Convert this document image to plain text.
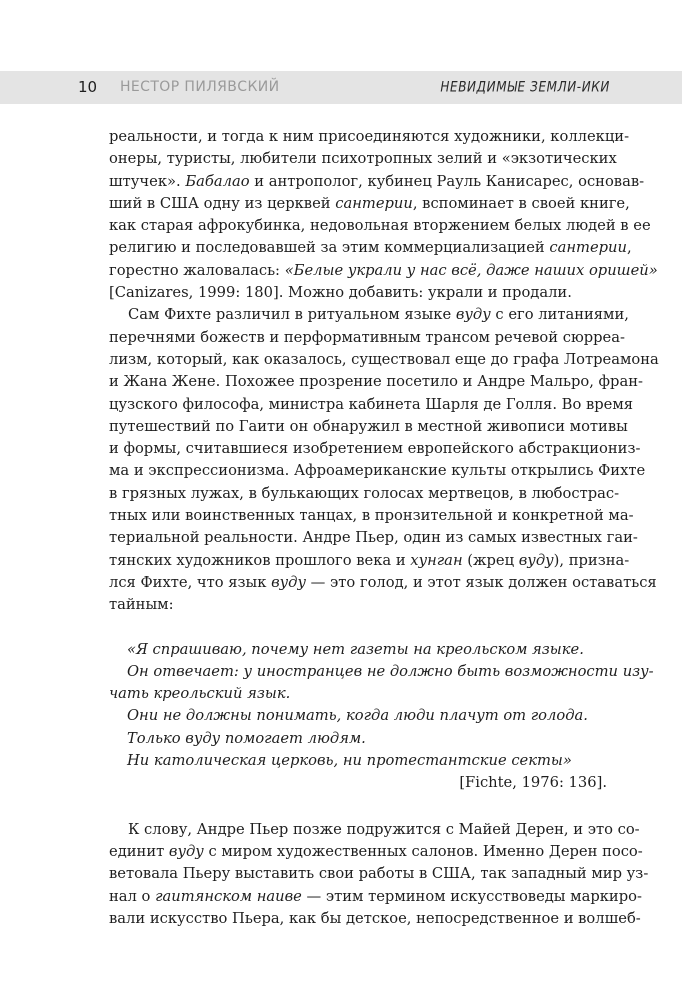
10 НЕСТОР ПИЛЯВСКИЙ	НЕВИДИМЫЕ ЗЕМЛИ-ИКИ
реальности, и тогда к ним присоединяются художники, коллекци-
онеры, туристы, любители психотропных зелий и «экзотических
штучек». Бабалао и антрополог, кубинец Рауль Канисарес, основав-
ший в США одну из церквей сантерии, вспоминает в своей книге,
как старая афрокубинка, недовольная вторжением белых людей в ее
религию и последовавшей за этим коммерциализацией сантерии,
горестно жаловалась: «Белые украли у нас всё, даже наших оришей»
[Canizares, 1999: 180]. Можно добавить: украли и продали.
Сам Фихте различил в ритуальном языке вуду с его литаниями,
перечнями божеств и перформативным трансом речевой сюрреа-
лизм, который, как оказалось, существовал еще до графа Лотреамона
и Жана Жене. Похожее прозрение посетило и Андре Мальро, фран-
цузского философа, министра кабинета Шарля де Голля. Во время
путешествий по Гаити он обнаружил в местной живописи мотивы
и формы, считавшиеся изобретением европейского абстракциониз-
ма и экспрессионизма. Афроамериканские культы открылись Фихте
в грязных лужах, в булькающих голосах мертвецов, в любострас-
тных или воинственных танцах, в пронзительной и конкретной ма-
териальной реальности. Андре Пьер, один из самых известных гаи-
тянских художников прошлого века и хунган (жрец вуду), призна-
лся Фихте, что язык вуду — это голод, и этот язык должен оставаться
тайным:
«Я спрашиваю, почему нет газеты на креольском языке.
Он отвечает: у иностранцев не должно быть возможности изу-
чать креольский язык.
Они не должны понимать, когда люди плачут от голода.
Только вуду помогает людям.
Ни католическая церковь, ни протестантские секты»
[Fichte, 1976: 136].
К слову, Андре Пьер позже подружится с Майей Дерен, и это со-
единит вуду с миром художественных салонов. Именно Дерен посо-
ветовала Пьеру выставить свои работы в США, так западный мир уз-
нал о гаитянском наиве — этим термином искусствоведы маркиро-
вали искусство Пьера, как бы детское, непосредственное и волшеб-
